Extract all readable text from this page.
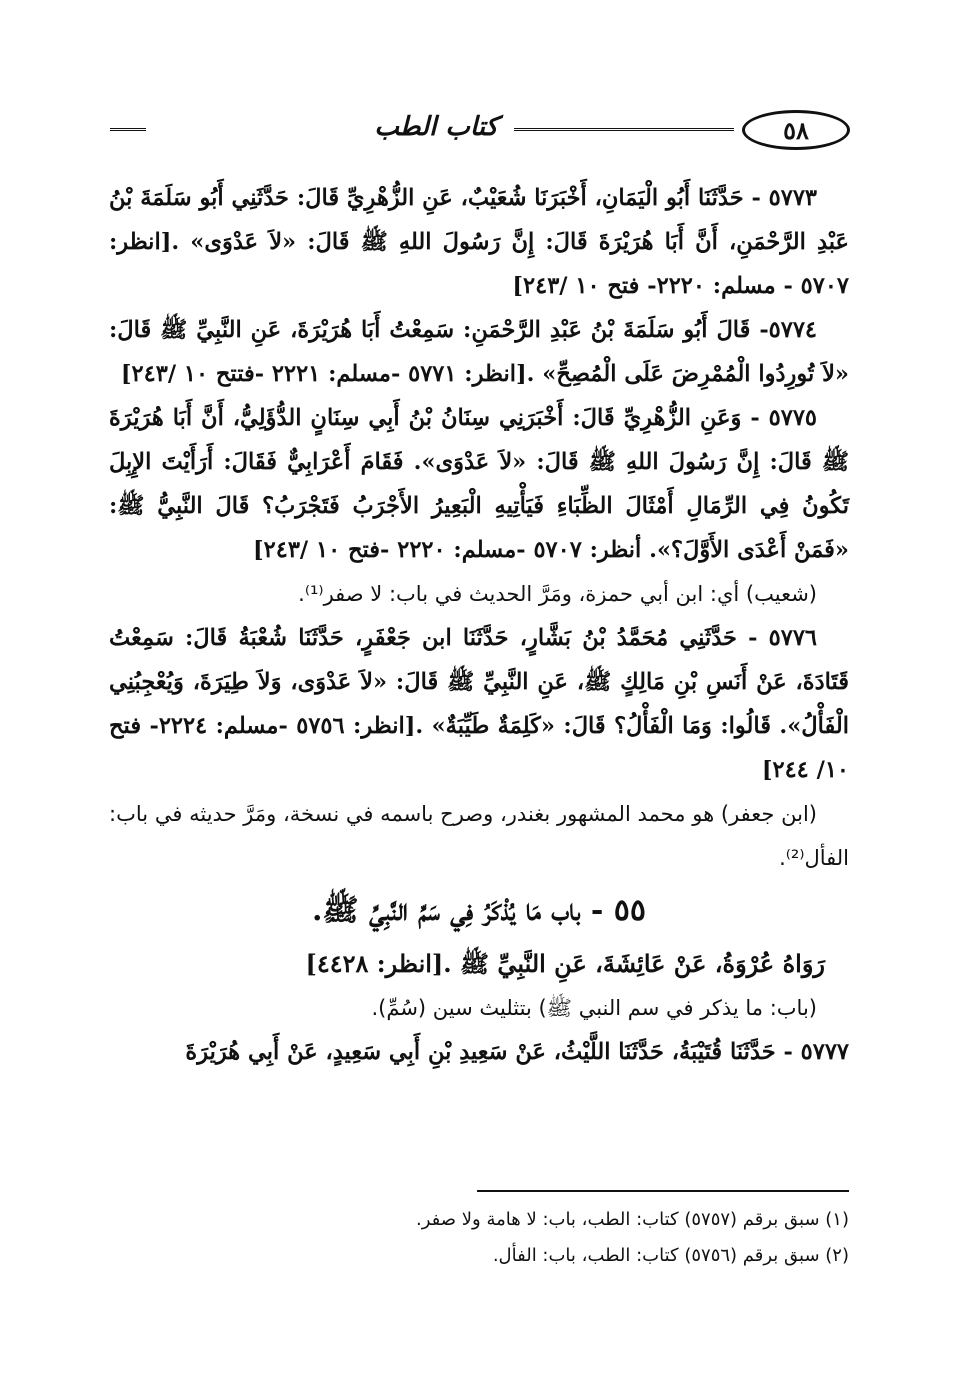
٥٨
كتاب الطب

٥٧٧٣ - حَدَّثَنَا أَبُو الْيَمَانِ، أَخْبَرَنَا شُعَيْبٌ، عَنِ الزُّهْرِيِّ قَالَ: حَدَّثَنِي أَبُو سَلَمَةَ بْنُ عَبْدِ الرَّحْمَنِ، أَنَّ أَبَا هُرَيْرَةَ قَالَ: إِنَّ رَسُولَ اللهِ ﷺ قَالَ: «لاَ عَدْوَى» .[انظر: ٥٧٠٧ - مسلم: ٢٢٢٠- فتح ١٠ /٢٤٣]

٥٧٧٤- قَالَ أَبُو سَلَمَةَ بْنُ عَبْدِ الرَّحْمَنِ: سَمِعْتُ أَبَا هُرَيْرَةَ، عَنِ النَّبِيِّ ﷺ قَالَ: «لاَ تُورِدُوا الْمُمْرِضَ عَلَى الْمُصِحِّ» .[انظر: ٥٧٧١ -مسلم: ٢٢٢١ -فتتح ١٠ /٢٤٣]

٥٧٧٥ - وَعَنِ الزُّهْرِيِّ قَالَ: أَخْبَرَنِي سِنَانُ بْنُ أَبِي سِنَانٍ الدُّؤَلِيُّ، أَنَّ أَبَا هُرَيْرَةَ ﷺ قَالَ: إِنَّ رَسُولَ اللهِ ﷺ قَالَ: «لاَ عَدْوَى». فَقَامَ أَعْرَابِيٌّ فَقَالَ: أَرَأَيْتَ الإِبِلَ تَكُونُ فِي الرِّمَالِ أَمْثَالَ الظِّبَاءِ فَيَأْتِيهِ الْبَعِيرُ الأَجْرَبُ فَتَجْرَبُ؟ قَالَ النَّبِيُّ ﷺ: «فَمَنْ أَعْدَى الأَوَّلَ؟». أنظر: ٥٧٠٧ -مسلم: ٢٢٢٠ -فتح ١٠ /٢٤٣]

(شعيب) أي: ابن أبي حمزة، ومَرَّ الحديث في باب: لا صفر⁽¹⁾.

٥٧٧٦ - حَدَّثَنِي مُحَمَّدُ بْنُ بَشَّارٍ، حَدَّثَنَا ابن جَعْفَرٍ، حَدَّثَنَا شُعْبَةُ قَالَ: سَمِعْتُ قَتَادَةَ، عَنْ أَنَسِ بْنِ مَالِكٍ ﷺ، عَنِ النَّبِيِّ ﷺ قَالَ: «لاَ عَدْوَى، وَلاَ طِيَرَةَ، وَيُعْجِبُنِي الْفَأْلُ». قَالُوا: وَمَا الْفَأْلُ؟ قَالَ: «كَلِمَةٌ طَيِّبَةٌ» .[انظر: ٥٧٥٦ -مسلم: ٢٢٢٤- فتح ١٠/ ٢٤٤]

(ابن جعفر) هو محمد المشهور بغندر، وصرح باسمه في نسخة، ومَرَّ حديثه في باب: الفأل⁽²⁾.

٥٥ - باب مَا يُذْكَرُ فِي سَمِّ النَّبِيِّ ﷺ.

رَوَاهُ عُرْوَةُ، عَنْ عَائِشَةَ، عَنِ النَّبِيِّ ﷺ .[انظر: ٤٤٢٨]

(باب: ما يذكر في سم النبي ﷺ) بتثليث سين (سُمِّ).

٥٧٧٧ - حَدَّثَنَا قُتَيْبَةُ، حَدَّثَنَا اللَّيْثُ، عَنْ سَعِيدِ بْنِ أَبِي سَعِيدٍ، عَنْ أَبِي هُرَيْرَةَ

(١) سبق برقم (٥٧٥٧) كتاب: الطب، باب: لا هامة ولا صفر.

(٢) سبق برقم (٥٧٥٦) كتاب: الطب، باب: الفأل.
